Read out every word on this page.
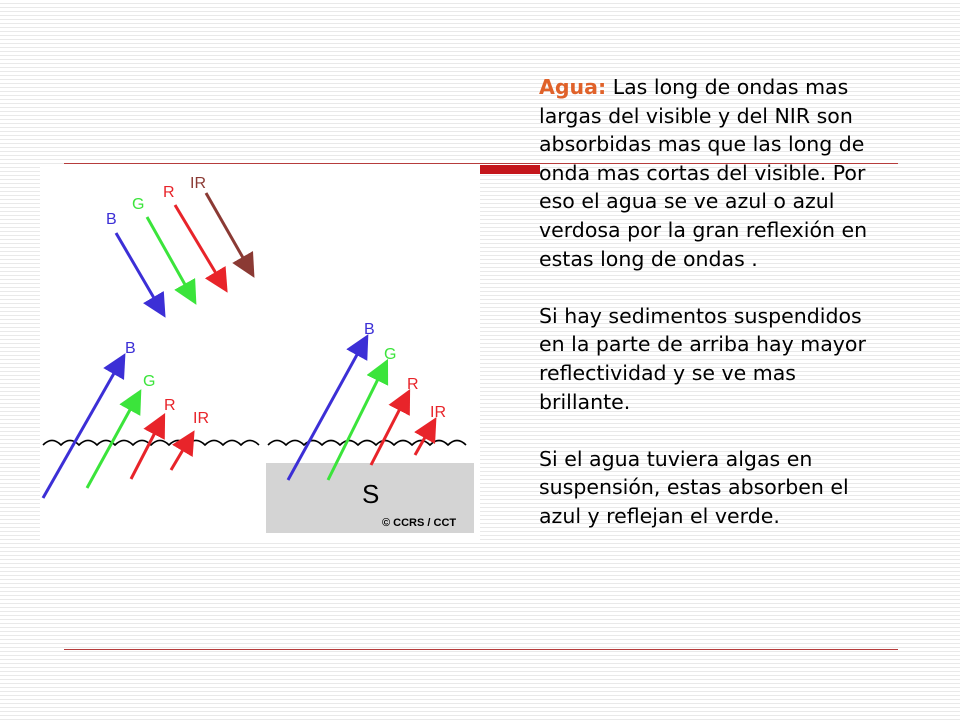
B
G
R
IR
B
G
R
IR
B
G
R
IR
S
© CCRS / CCT

Agua: Las long de ondas mas largas del visible y del NIR son absorbidas mas que las long de onda mas cortas del visible. Por eso el agua se ve azul o azul verdosa por la gran reflexión en estas long de ondas .

Si hay sedimentos suspendidos en la parte de arriba hay mayor reflectividad y se ve mas brillante.

Si el agua tuviera algas en suspensión, estas absorben el azul y reflejan el verde.
